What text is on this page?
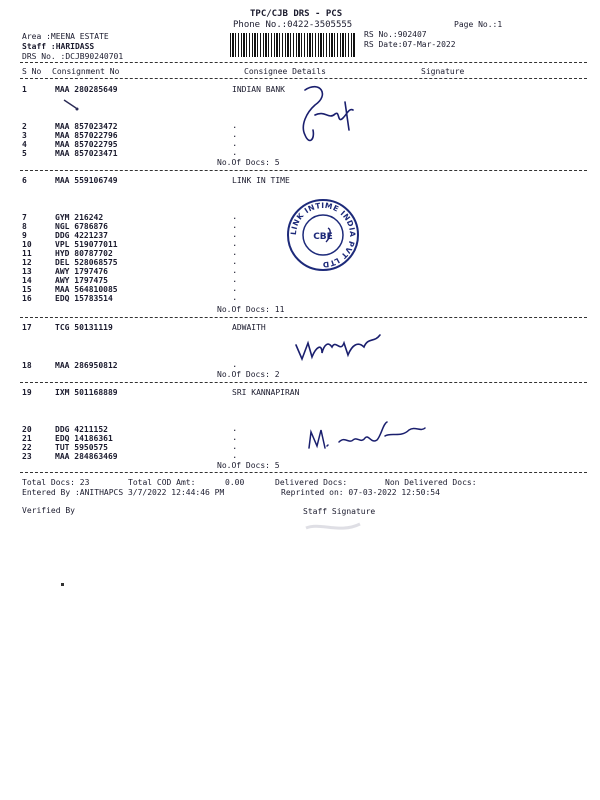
TPC/CJB DRS - PCS
Phone No.:0422-3505555	Page No.:1
Area :MEENA ESTATE
Staff :HARIDASS
DRS No. :DCJB90240701
RS No.:902407
RS Date:07-Mar-2022
S No Consignment No	Consignee Details	Signature
1	MAA 280285649	INDIAN BANK
2	MAA 857023472	.
3	MAA 857022796	.
4	MAA 857022795	.
5	MAA 857023471	.
No.Of Docs: 5
6	MAA 559106749	LINK IN TIME
7	GYM 216242	.
8	NGL 6786876	.
9	DDG 4221237	.
10	VPL 519077011	.
11	HYD 80787702	.
12	DEL 528068575	.
13	AWY 1797476	.
14	AWY 1797475	.
15	MAA 564810085	.
16	EDQ 15783514	.
No.Of Docs: 11
LINK INTIME INDIA PVT LTD
CBE
17	TCG 50131119	ADWAITH
18	MAA 286950812	.
No.Of Docs: 2
19	IXM 501168889	SRI KANNAPIRAN
20	DDG 4211152	.
21	EDQ 14186361	.
22	TUT 5950575	.
23	MAA 284863469	.
No.Of Docs: 5
Total Docs: 23	Total COD Amt:	0.00	Delivered Docs:	Non Delivered Docs:
Entered By :ANITHAPCS 3/7/2022 12:44:46 PM	Reprinted on: 07-03-2022 12:50:54
Verified By	Staff Signature
